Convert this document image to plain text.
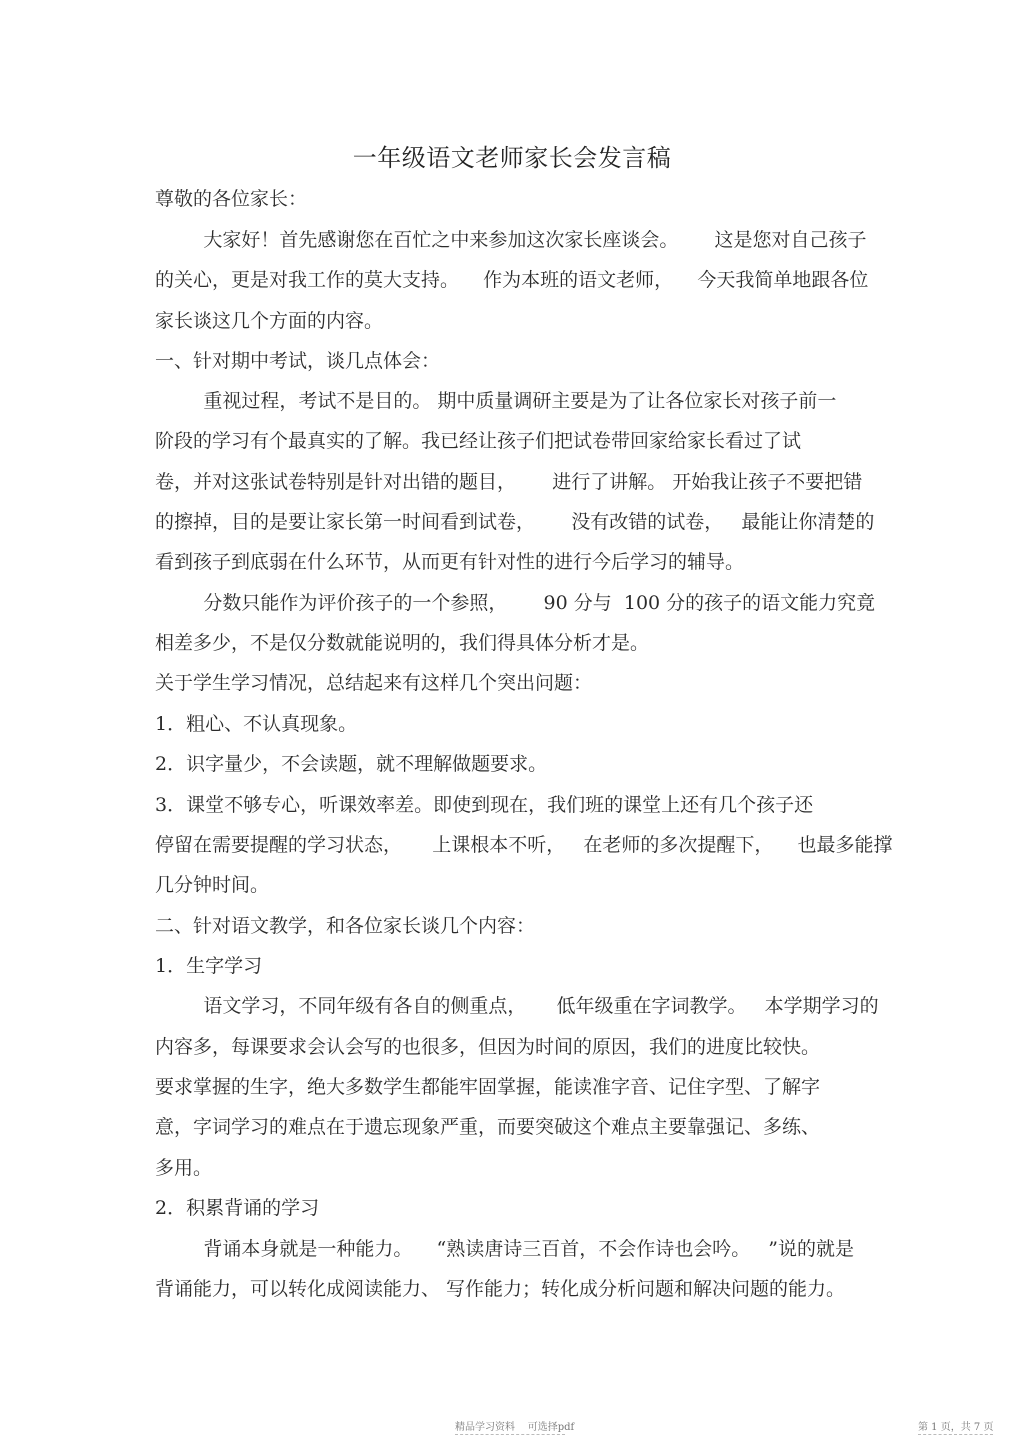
一年级语文老师家长会发言稿
尊敬的各位家长：
大家好！首先感谢您在百忙之中来参加这次家长座谈会。      这是您对自己孩子
的关心，更是对我工作的莫大支持。    作为本班的语文老师，    今天我简单地跟各位
家长谈这几个方面的内容。
一、针对期中考试，谈几点体会：
重视过程，考试不是目的。 期中质量调研主要是为了让各位家长对孩子前一
阶段的学习有个最真实的了解。我已经让孩子们把试卷带回家给家长看过了试
卷，并对这张试卷特别是针对出错的题目，      进行了讲解。 开始我让孩子不要把错
的擦掉，目的是要让家长第一时间看到试卷，      没有改错的试卷，   最能让你清楚的
看到孩子到底弱在什么环节，从而更有针对性的进行今后学习的辅导。
分数只能作为评价孩子的一个参照，      90 分与  100 分的孩子的语文能力究竟
相差多少，不是仅分数就能说明的，我们得具体分析才是。
关于学生学习情况，总结起来有这样几个突出问题：
1．粗心、不认真现象。
2．识字量少，不会读题，就不理解做题要求。
3．课堂不够专心，听课效率差。即使到现在，我们班的课堂上还有几个孩子还
停留在需要提醒的学习状态，     上课根本不听，   在老师的多次提醒下，    也最多能撑
几分钟时间。
二、针对语文教学，和各位家长谈几个内容：
1．生字学习
语文学习，不同年级有各自的侧重点，     低年级重在字词教学。   本学期学习的
内容多，每课要求会认会写的也很多，但因为时间的原因，我们的进度比较快。
要求掌握的生字，绝大多数学生都能牢固掌握，能读准字音、记住字型、了解字
意，字词学习的难点在于遗忘现象严重，而要突破这个难点主要靠强记、多练、
多用。
2．积累背诵的学习
背诵本身就是一种能力。    “熟读唐诗三百首，不会作诗也会吟。   ”说的就是
背诵能力，可以转化成阅读能力、 写作能力；转化成分析问题和解决问题的能力。
精品学习资料    可选择pdf	第 1 页，共 7 页
